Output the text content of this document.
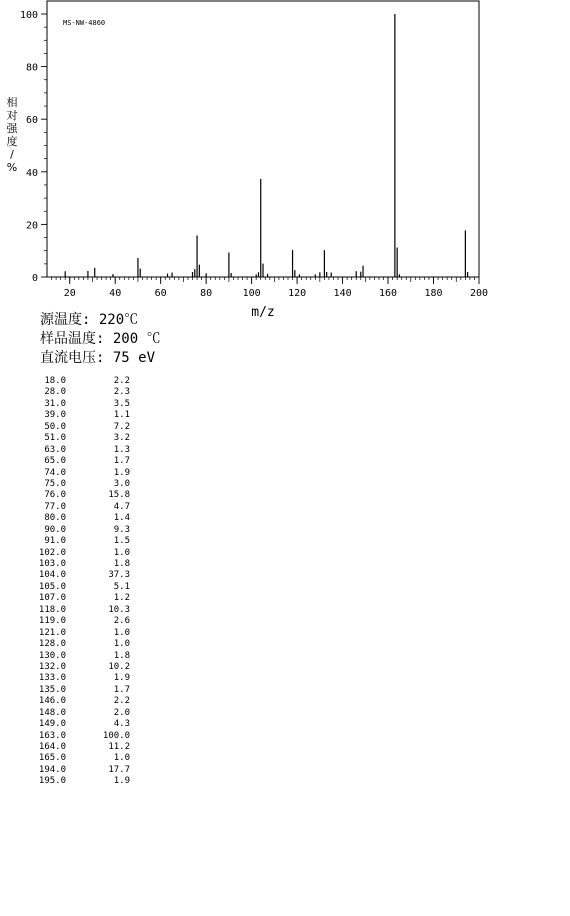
MS-NW-4860
20	40	60	80	100	120	140	160	180	200
0
20
40
60
80
100
m/z
相对强度/ %
源温度: 220℃
样品温度: 200 ℃
直流电压: 75 eV
18.0	2.2
28.0	2.3
31.0	3.5
39.0	1.1
50.0	7.2
51.0	3.2
63.0	1.3
65.0	1.7
74.0	1.9
75.0	3.0
76.0	15.8
77.0	4.7
80.0	1.4
90.0	9.3
91.0	1.5
102.0	1.0
103.0	1.8
104.0	37.3
105.0	5.1
107.0	1.2
118.0	10.3
119.0	2.6
121.0	1.0
128.0	1.0
130.0	1.8
132.0	10.2
133.0	1.9
135.0	1.7
146.0	2.2
148.0	2.0
149.0	4.3
163.0	100.0
164.0	11.2
165.0	1.0
194.0	17.7
195.0	1.9
